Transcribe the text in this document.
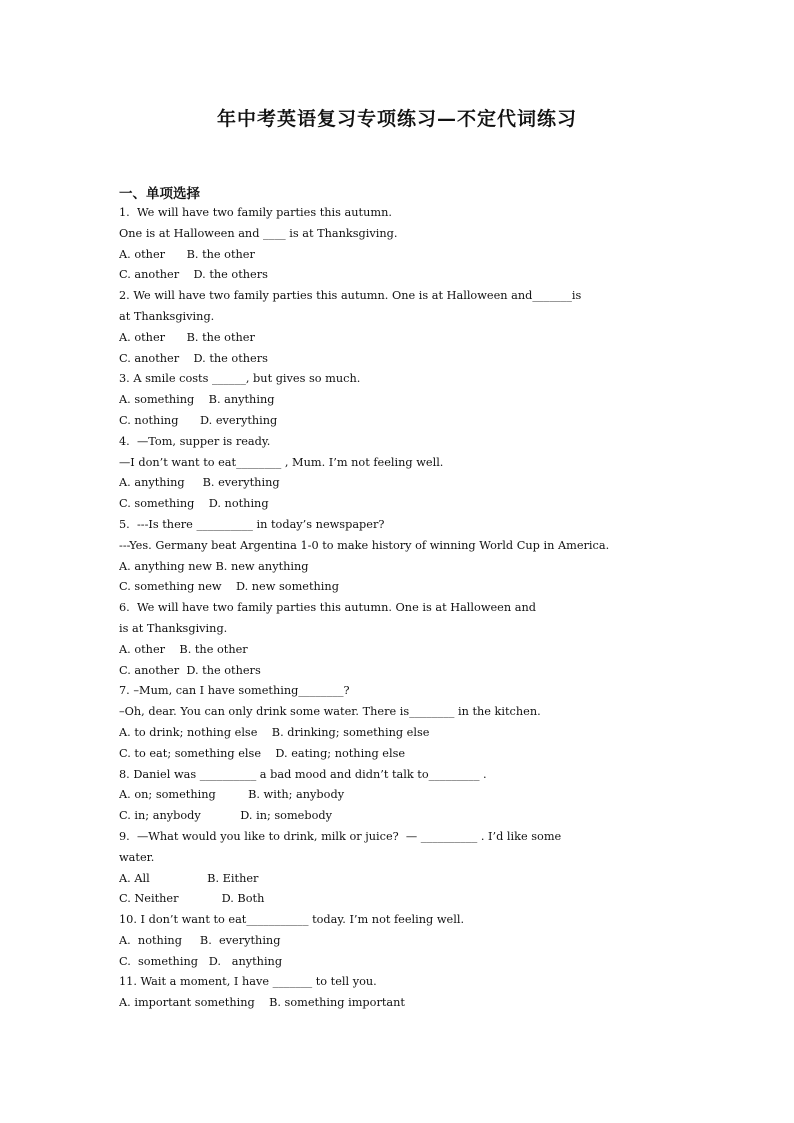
年中考英语复习专项练习—不定代词练习
一、单项选择
1.  We will have two family parties this autumn.
One is at Halloween and ____ is at Thanksgiving.
A. other      B. the other
C. another    D. the others
2. We will have two family parties this autumn. One is at Halloween and_______is
at Thanksgiving.
A. other      B. the other
C. another    D. the others
3. A smile costs ______, but gives so much.
A. something    B. anything
C. nothing      D. everything
4.  —Tom, supper is ready.
—I don’t want to eat________ , Mum. I’m not feeling well.
A. anything     B. everything
C. something    D. nothing
5.  ---Is there __________ in today’s newspaper?
---Yes. Germany beat Argentina 1-0 to make history of winning World Cup in America.
A. anything new B. new anything
C. something new    D. new something
6.  We will have two family parties this autumn. One is at Halloween and
is at Thanksgiving.
A. other    B. the other
C. another  D. the others
7. –Mum, can I have something________?
–Oh, dear. You can only drink some water. There is________ in the kitchen.
A. to drink; nothing else    B. drinking; something else
C. to eat; something else    D. eating; nothing else
8. Daniel was __________ a bad mood and didn’t talk to_________ .
A. on; something         B. with; anybody
C. in; anybody           D. in; somebody
9.  —What would you like to drink, milk or juice?  — __________ . I’d like some
water.
A. All                B. Either
C. Neither            D. Both
10. I don’t want to eat___________ today. I’m not feeling well.
A.  nothing     B.  everything
C.  something   D.   anything
11. Wait a moment, I have _______ to tell you.
A. important something    B. something important
